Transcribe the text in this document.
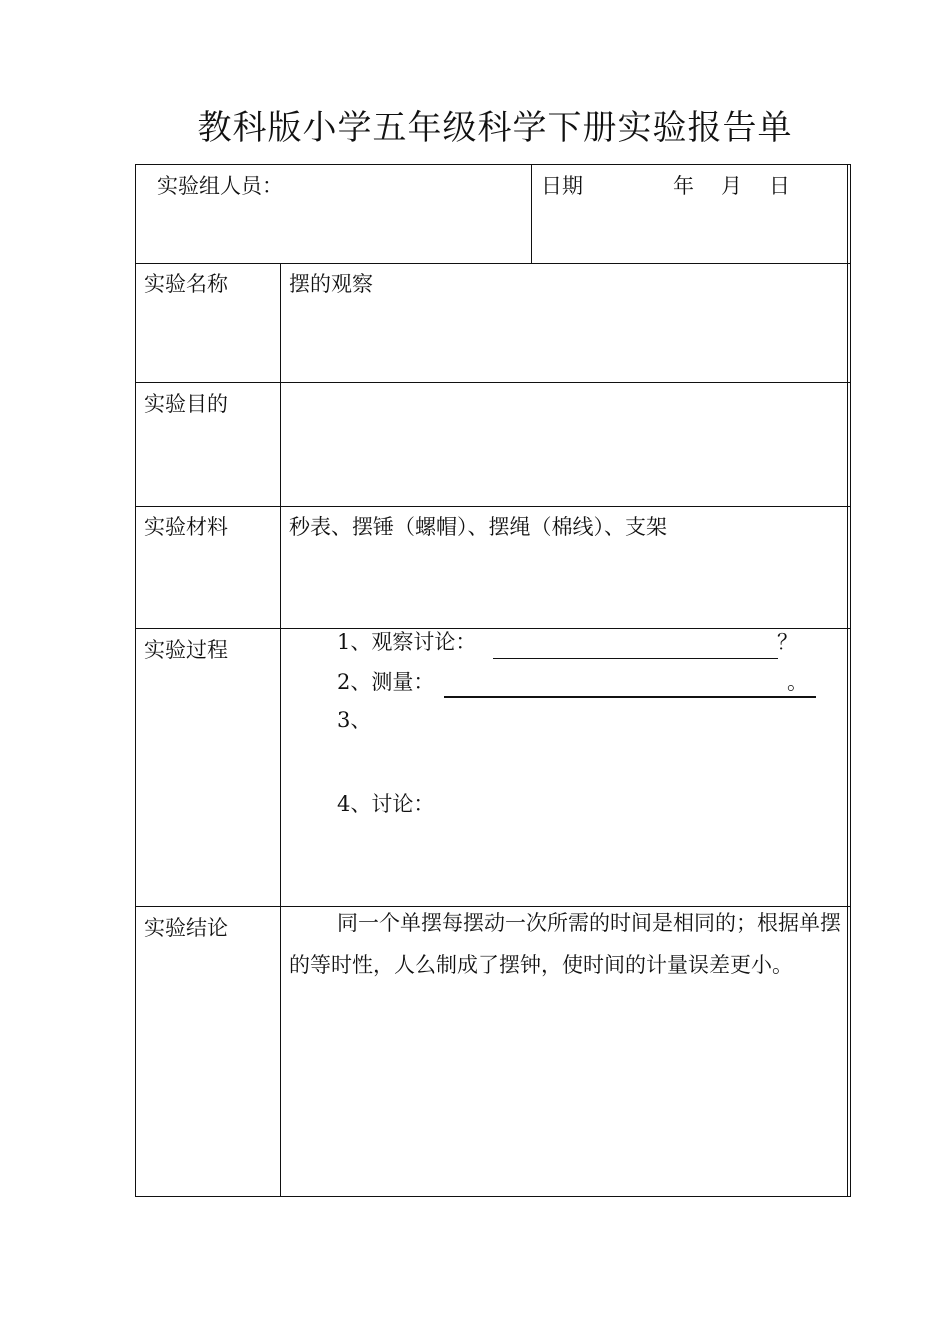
教科版小学五年级科学下册实验报告单
实验组人员：	日期	年 月 日
实验名称	摆的观察
实验目的
实验材料	秒表、摆锤（螺帽）、摆绳（棉线）、支架
实验过程	1、观察讨论：	？
2、测量：	。
3、
4、讨论：
实验结论	同一个单摆每摆动一次所需的时间是相同的；根据单摆的等时性，人么制成了摆钟，使时间的计量误差更小。
